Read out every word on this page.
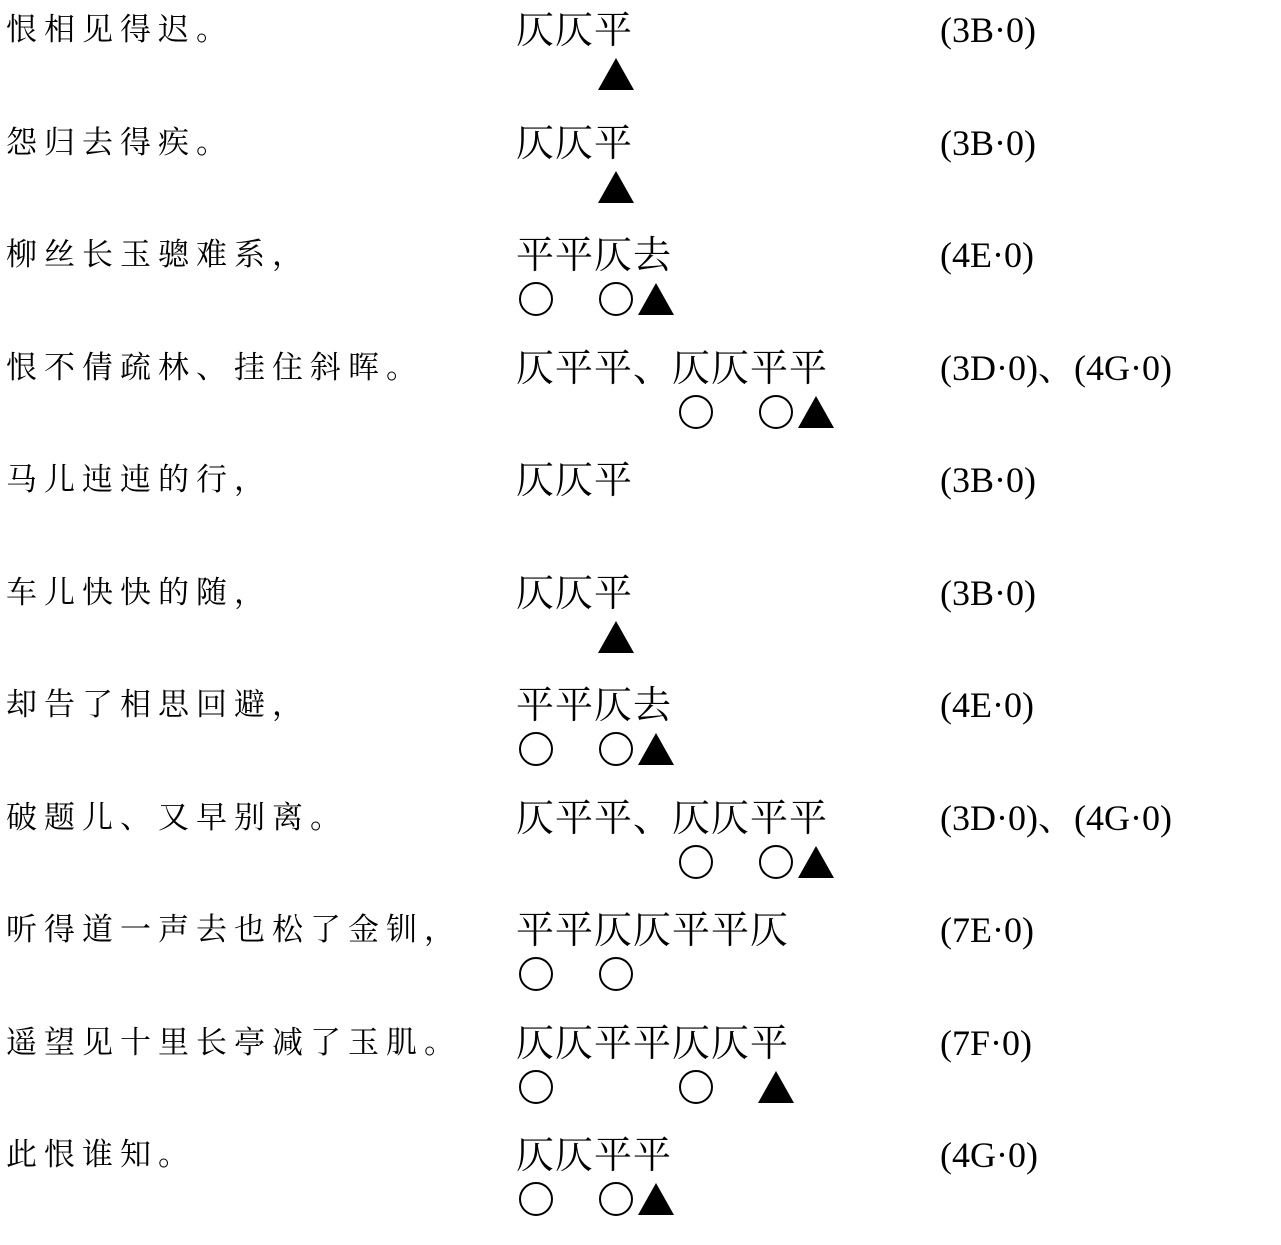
恨相见得迟。	仄仄平	(3B·0)
怨归去得疾。	仄仄平	(3B·0)
柳丝长玉骢难系，	平平仄去	(4E·0)
恨不倩疏林、挂住斜晖。 仄平平、仄仄平平	(3D·0)、(4G·0)
马儿迍迍的行，	仄仄平	(3B·0)
车儿快快的随，	仄仄平	(3B·0)
却告了相思回避，	平平仄去	(4E·0)
破题儿、又早别离。	仄平平、仄仄平平	(3D·0)、(4G·0)
听得道一声去也松了金钏， 平平仄仄平平仄	(7E·0)
遥望见十里长亭减了玉肌。 仄仄平平仄仄平	(7F·0)
此恨谁知。	仄仄平平	(4G·0)
